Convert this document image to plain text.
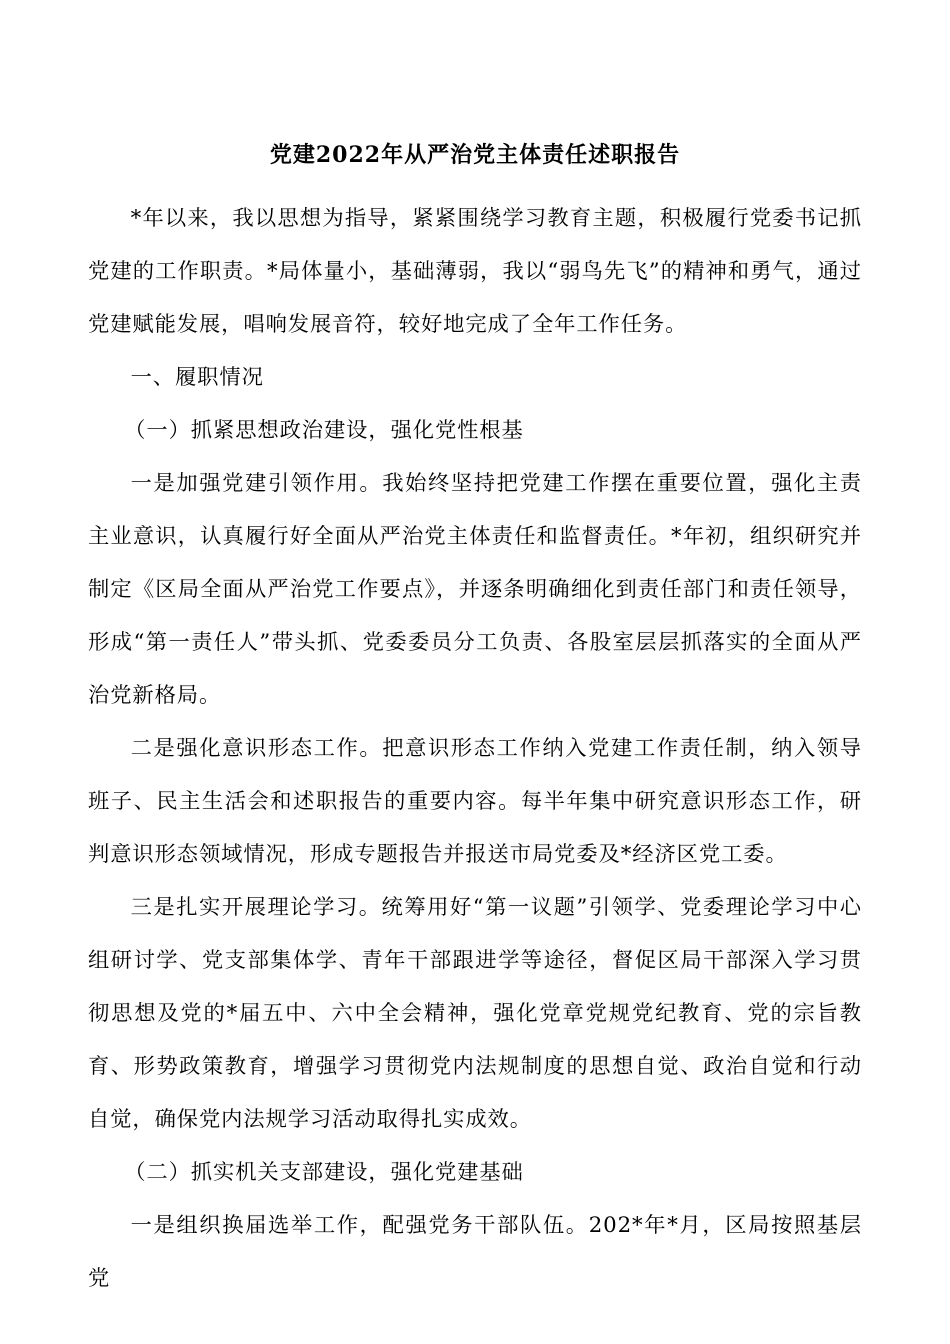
党建2022年从严治党主体责任述职报告

*年以来，我以思想为指导，紧紧围绕学习教育主题，积极履行党委书记抓党建的工作职责。*局体量小，基础薄弱，我以“弱鸟先飞”的精神和勇气，通过党建赋能发展，唱响发展音符，较好地完成了全年工作任务。

一、履职情况

（一）抓紧思想政治建设，强化党性根基

一是加强党建引领作用。我始终坚持把党建工作摆在重要位置，强化主责主业意识，认真履行好全面从严治党主体责任和监督责任。*年初，组织研究并制定《区局全面从严治党工作要点》，并逐条明确细化到责任部门和责任领导，形成“第一责任人”带头抓、党委委员分工负责、各股室层层抓落实的全面从严治党新格局。

二是强化意识形态工作。把意识形态工作纳入党建工作责任制，纳入领导班子、民主生活会和述职报告的重要内容。每半年集中研究意识形态工作，研判意识形态领域情况，形成专题报告并报送市局党委及*经济区党工委。

三是扎实开展理论学习。统筹用好“第一议题”引领学、党委理论学习中心组研讨学、党支部集体学、青年干部跟进学等途径，督促区局干部深入学习贯彻思想及党的*届五中、六中全会精神，强化党章党规党纪教育、党的宗旨教育、形势政策教育，增强学习贯彻党内法规制度的思想自觉、政治自觉和行动自觉，确保党内法规学习活动取得扎实成效。

（二）抓实机关支部建设，强化党建基础

一是组织换届选举工作，配强党务干部队伍。202*年*月，区局按照基层党
